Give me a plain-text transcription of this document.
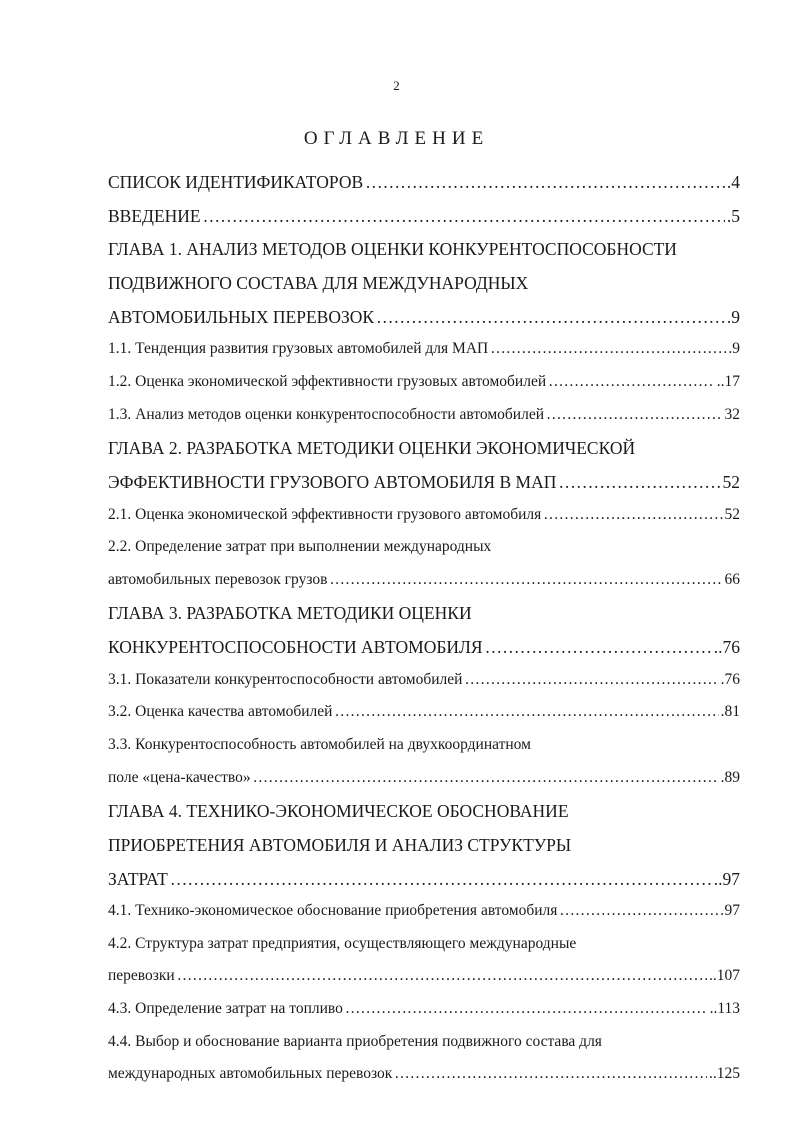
2
ОГЛАВЛЕНИЕ
СПИСОК ИДЕНТИФИКАТОРОВ …………………………………………………………………………………………………………………………………………………………	.4
ВВЕДЕНИЕ …………………………………………………………………………………………………………………………………………………………	.5
ГЛАВА 1. АНАЛИЗ МЕТОДОВ ОЦЕНКИ КОНКУРЕНТОСПОСОБНОСТИ
ПОДВИЖНОГО СОСТАВА ДЛЯ МЕЖДУНАРОДНЫХ
АВТОМОБИЛЬНЫХ ПЕРЕВОЗОК …………………………………………………………………………………………………………………………………………………………	.9
1.1. Тенденция развития грузовых автомобилей для МАП …………………………………………………………………………………………………………………………………………………………	.9
1.2. Оценка экономической эффективности грузовых автомобилей …………………………………………………………………………………………………………………………………………………………	..17
1.3. Анализ методов оценки конкурентоспособности автомобилей …………………………………………………………………………………………………………………………………………………………	32
ГЛАВА 2. РАЗРАБОТКА МЕТОДИКИ ОЦЕНКИ ЭКОНОМИЧЕСКОЙ
ЭФФЕКТИВНОСТИ ГРУЗОВОГО АВТОМОБИЛЯ В МАП …………………………………………………………………………………………………………………………………………………………	52
2.1. Оценка экономической эффективности грузового автомобиля …………………………………………………………………………………………………………………………………………………………	52
2.2. Определение затрат при выполнении международных
автомобильных перевозок грузов …………………………………………………………………………………………………………………………………………………………	66
ГЛАВА 3. РАЗРАБОТКА МЕТОДИКИ ОЦЕНКИ
КОНКУРЕНТОСПОСОБНОСТИ АВТОМОБИЛЯ …………………………………………………………………………………………………………………………………………………………	..76
3.1. Показатели конкурентоспособности автомобилей …………………………………………………………………………………………………………………………………………………………	.76
3.2. Оценка качества автомобилей …………………………………………………………………………………………………………………………………………………………	.81
3.3. Конкурентоспособность автомобилей на двухкоординатном
поле «цена-качество» …………………………………………………………………………………………………………………………………………………………	.89
ГЛАВА 4. ТЕХНИКО-ЭКОНОМИЧЕСКОЕ ОБОСНОВАНИЕ
ПРИОБРЕТЕНИЯ АВТОМОБИЛЯ И АНАЛИЗ СТРУКТУРЫ
ЗАТРАТ …………………………………………………………………………………………………………………………………………………………	..97
4.1. Технико-экономическое обоснование приобретения автомобиля …………………………………………………………………………………………………………………………………………………………	97
4.2. Структура затрат предприятия, осуществляющего международные
перевозки …………………………………………………………………………………………………………………………………………………………	..107
4.3. Определение затрат на топливо …………………………………………………………………………………………………………………………………………………………	..113
4.4. Выбор и обоснование варианта приобретения подвижного состава для
международных автомобильных перевозок …………………………………………………………………………………………………………………………………………………………	..125
